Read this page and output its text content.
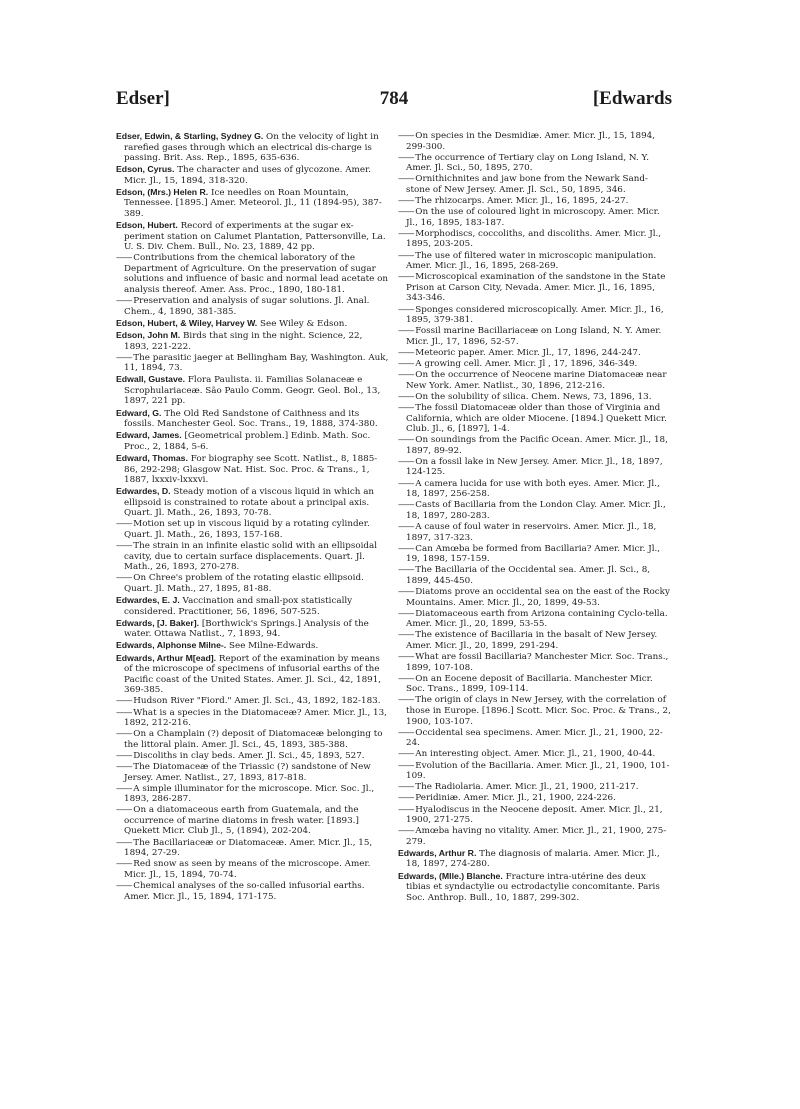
Edser]	784	[Edwards

Edser, Edwin, & Starling, Sydney G. On the velocity of light in rarefied gases through which an electrical dis-charge is passing. Brit. Ass. Rep., 1895, 635-636.

Edson, Cyrus. The character and uses of glycozone. Amer. Micr. Jl., 15, 1894, 318-320.

Edson, (Mrs.) Helen R. Ice needles on Roan Mountain, Tennessee. [1895.] Amer. Meteorol. Jl., 11 (1894-95), 387-389.

Edson, Hubert. Record of experiments at the sugar ex-periment station on Calumet Plantation, Pattersonville, La. U. S. Div. Chem. Bull., No. 23, 1889, 42 pp.

—— Contributions from the chemical laboratory of the Department of Agriculture. On the preservation of sugar solutions and influence of basic and normal lead acetate on analysis thereof. Amer. Ass. Proc., 1890, 180-181.

—— Preservation and analysis of sugar solutions. Jl. Anal. Chem., 4, 1890, 381-385.

Edson, Hubert, & Wiley, Harvey W. See Wiley & Edson.

Edson, John M. Birds that sing in the night. Science, 22, 1893, 221-222.

—— The parasitic jaeger at Bellingham Bay, Washington. Auk, 11, 1894, 73.

Edwall, Gustave. Flora Paulista. ii. Familias Solanaceæ e Scrophulariaceæ. São Paulo Comm. Geogr. Geol. Bol., 13, 1897, 221 pp.

Edward, G. The Old Red Sandstone of Caithness and its fossils. Manchester Geol. Soc. Trans., 19, 1888, 374-380.

Edward, James. [Geometrical problem.] Edinb. Math. Soc. Proc., 2, 1884, 5-6.

Edward, Thomas. For biography see Scott. Natlist., 8, 1885-86, 292-298; Glasgow Nat. Hist. Soc. Proc. & Trans., 1, 1887, lxxxiv-lxxxvi.

Edwardes, D. Steady motion of a viscous liquid in which an ellipsoid is constrained to rotate about a principal axis. Quart. Jl. Math., 26, 1893, 70-78.

—— Motion set up in viscous liquid by a rotating cylinder. Quart. Jl. Math., 26, 1893, 157-168.

—— The strain in an infinite elastic solid with an ellipsoidal cavity, due to certain surface displacements. Quart. Jl. Math., 26, 1893, 270-278.

—— On Chree's problem of the rotating elastic ellipsoid. Quart. Jl. Math., 27, 1895, 81-88.

Edwardes, E. J. Vaccination and small-pox statistically considered. Practitioner, 56, 1896, 507-525.

Edwards, [J. Baker]. [Borthwick's Springs.] Analysis of the water. Ottawa Natlist., 7, 1893, 94.

Edwards, Alphonse Milne-. See Milne-Edwards.

Edwards, Arthur M[ead]. Report of the examination by means of the microscope of specimens of infusorial earths of the Pacific coast of the United States. Amer. Jl. Sci., 42, 1891, 369-385.

—— Hudson River "Fiord." Amer. Jl. Sci., 43, 1892, 182-183.

—— What is a species in the Diatomaceæ? Amer. Micr. Jl., 13, 1892, 212-216.

—— On a Champlain (?) deposit of Diatomaceæ belonging to the littoral plain. Amer. Jl. Sci., 45, 1893, 385-388.

—— Discoliths in clay beds. Amer. Jl. Sci., 45, 1893, 527.

—— The Diatomaceæ of the Triassic (?) sandstone of New Jersey. Amer. Natlist., 27, 1893, 817-818.

—— A simple illuminator for the microscope. Micr. Soc. Jl., 1893, 286-287.

—— On a diatomaceous earth from Guatemala, and the occurrence of marine diatoms in fresh water. [1893.] Quekett Micr. Club Jl., 5, (1894), 202-204.

—— The Bacillariaceæ or Diatomaceæ. Amer. Micr. Jl., 15, 1894, 27-29.

—— Red snow as seen by means of the microscope. Amer. Micr. Jl., 15, 1894, 70-74.

—— Chemical analyses of the so-called infusorial earths. Amer. Micr. Jl., 15, 1894, 171-175.

—— On species in the Desmidiæ. Amer. Micr. Jl., 15, 1894, 299-300.

—— The occurrence of Tertiary clay on Long Island, N. Y. Amer. Jl. Sci., 50, 1895, 270.

—— Ornithichnites and jaw bone from the Newark Sand-stone of New Jersey. Amer. Jl. Sci., 50, 1895, 346.

—— The rhizocarps. Amer. Micr. Jl., 16, 1895, 24-27.

—— On the use of coloured light in microscopy. Amer. Micr. Jl., 16, 1895, 183-187.

—— Morphodiscs, coccoliths, and discoliths. Amer. Micr. Jl., 1895, 203-205.

—— The use of filtered water in microscopic manipulation. Amer. Micr. Jl., 16, 1895, 268-269.

—— Microscopical examination of the sandstone in the State Prison at Carson City, Nevada. Amer. Micr. Jl., 16, 1895, 343-346.

—— Sponges considered microscopically. Amer. Micr. Jl., 16, 1895, 379-381.

—— Fossil marine Bacillariaceæ on Long Island, N. Y. Amer. Micr. Jl., 17, 1896, 52-57.

—— Meteoric paper. Amer. Micr. Jl., 17, 1896, 244-247.

—— A growing cell. Amer. Micr. Jl , 17, 1896, 346-349.

—— On the occurrence of Neocene marine Diatomaceæ near New York. Amer. Natlist., 30, 1896, 212-216.

—— On the solubility of silica. Chem. News, 73, 1896, 13.

—— The fossil Diatomaceæ older than those of Virginia and California, which are older Miocene. [1894.] Quekett Micr. Club. Jl., 6, [1897], 1-4.

—— On soundings from the Pacific Ocean. Amer. Micr. Jl., 18, 1897, 89-92.

—— On a fossil lake in New Jersey. Amer. Micr. Jl., 18, 1897, 124-125.

—— A camera lucida for use with both eyes. Amer. Micr. Jl., 18, 1897, 256-258.

—— Casts of Bacillaria from the London Clay. Amer. Micr. Jl., 18, 1897, 280-283.

—— A cause of foul water in reservoirs. Amer. Micr. Jl., 18, 1897, 317-323.

—— Can Amœba be formed from Bacillaria? Amer. Micr. Jl., 19, 1898, 157-159.

—— The Bacillaria of the Occidental sea. Amer. Jl. Sci., 8, 1899, 445-450.

—— Diatoms prove an occidental sea on the east of the Rocky Mountains. Amer. Micr. Jl., 20, 1899, 49-53.

—— Diatomaceous earth from Arizona containing Cyclo-tella. Amer. Micr. Jl., 20, 1899, 53-55.

—— The existence of Bacillaria in the basalt of New Jersey. Amer. Micr. Jl., 20, 1899, 291-294.

—— What are fossil Bacillaria? Manchester Micr. Soc. Trans., 1899, 107-108.

—— On an Eocene deposit of Bacillaria. Manchester Micr. Soc. Trans., 1899, 109-114.

—— The origin of clays in New Jersey, with the correlation of those in Europe. [1896.] Scott. Micr. Soc. Proc. & Trans., 2, 1900, 103-107.

—— Occidental sea specimens. Amer. Micr. Jl., 21, 1900, 22-24.

—— An interesting object. Amer. Micr. Jl., 21, 1900, 40-44.

—— Evolution of the Bacillaria. Amer. Micr. Jl., 21, 1900, 101-109.

—— The Radiolaria. Amer. Micr. Jl., 21, 1900, 211-217.

—— Peridiniæ. Amer. Micr. Jl., 21, 1900, 224-226.

—— Hyalodiscus in the Neocene deposit. Amer. Micr. Jl., 21, 1900, 271-275.

—— Amœba having no vitality. Amer. Micr. Jl., 21, 1900, 275-279.

Edwards, Arthur R. The diagnosis of malaria. Amer. Micr. Jl., 18, 1897, 274-280.

Edwards, (Mlle.) Blanche. Fracture intra-utérine des deux tibias et syndactylie ou ectrodactylie concomitante. Paris Soc. Anthrop. Bull., 10, 1887, 299-302.
